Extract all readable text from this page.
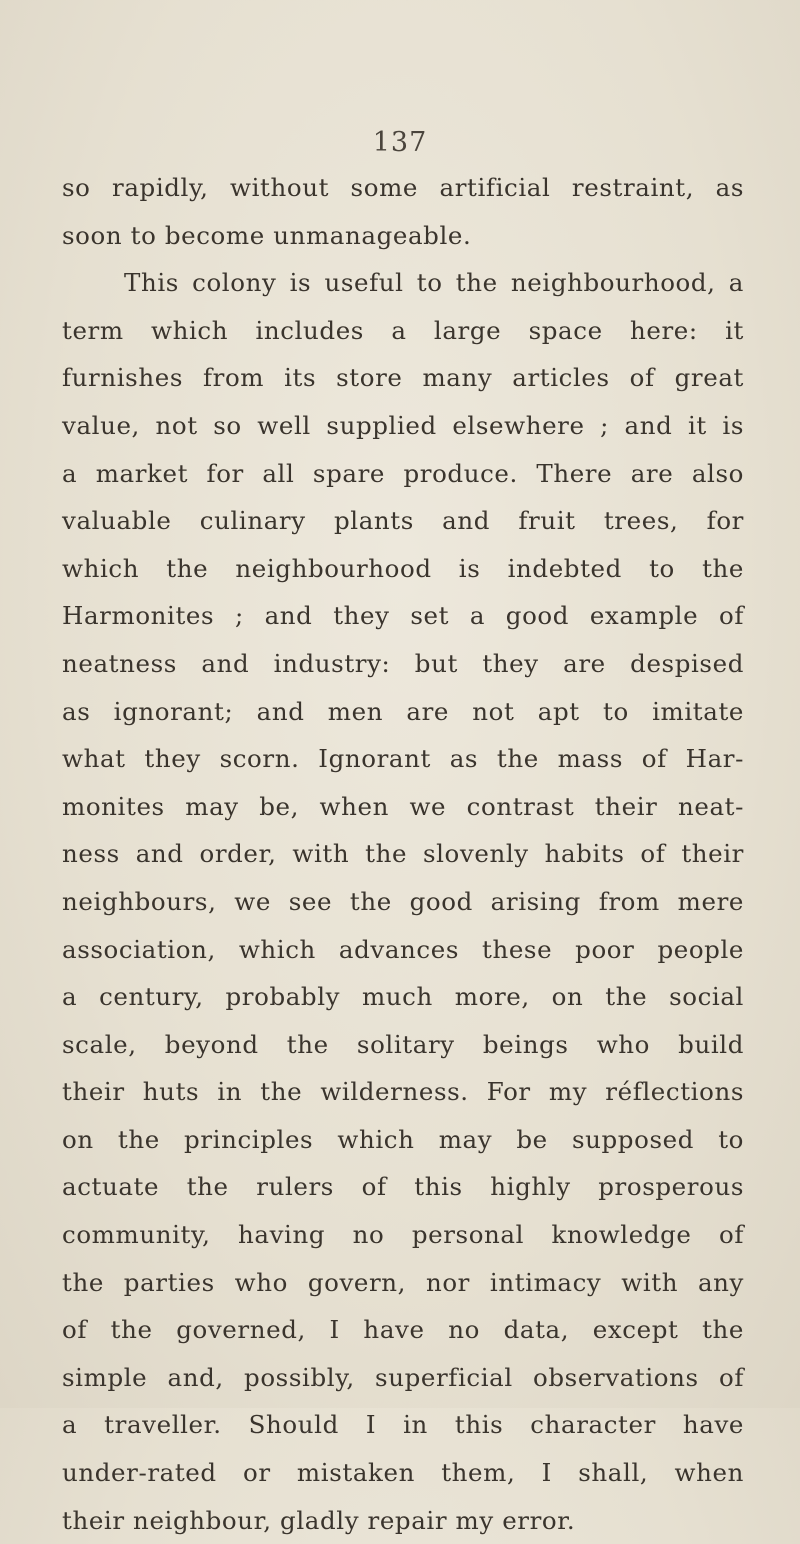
137
so rapidly, without some artificial restraint, as
soon to become unmanageable.
This colony is useful to the neighbourhood, a
term which includes a large space here: it
furnishes from its store many articles of great
value, not so well supplied elsewhere ; and it is
a market for all spare produce. There are also
valuable culinary plants and fruit trees, for
which the neighbourhood is indebted to the
Harmonites ; and they set a good example of
neatness and industry: but they are despised
as ignorant; and men are not apt to imitate
what they scorn. Ignorant as the mass of Har-
monites may be, when we contrast their neat-
ness and order, with the slovenly habits of their
neighbours, we see the good arising from mere
association, which advances these poor people
a century, probably much more, on the social
scale, beyond the solitary beings who build
their huts in the wilderness. For my réflections
on the principles which may be supposed to
actuate the rulers of this highly prosperous
community, having no personal knowledge of
the parties who govern, nor intimacy with any
of the governed, I have no data, except the
simple and, possibly, superficial observations of
a traveller. Should I in this character have
under-rated or mistaken them, I shall, when
their neighbour, gladly repair my error.
